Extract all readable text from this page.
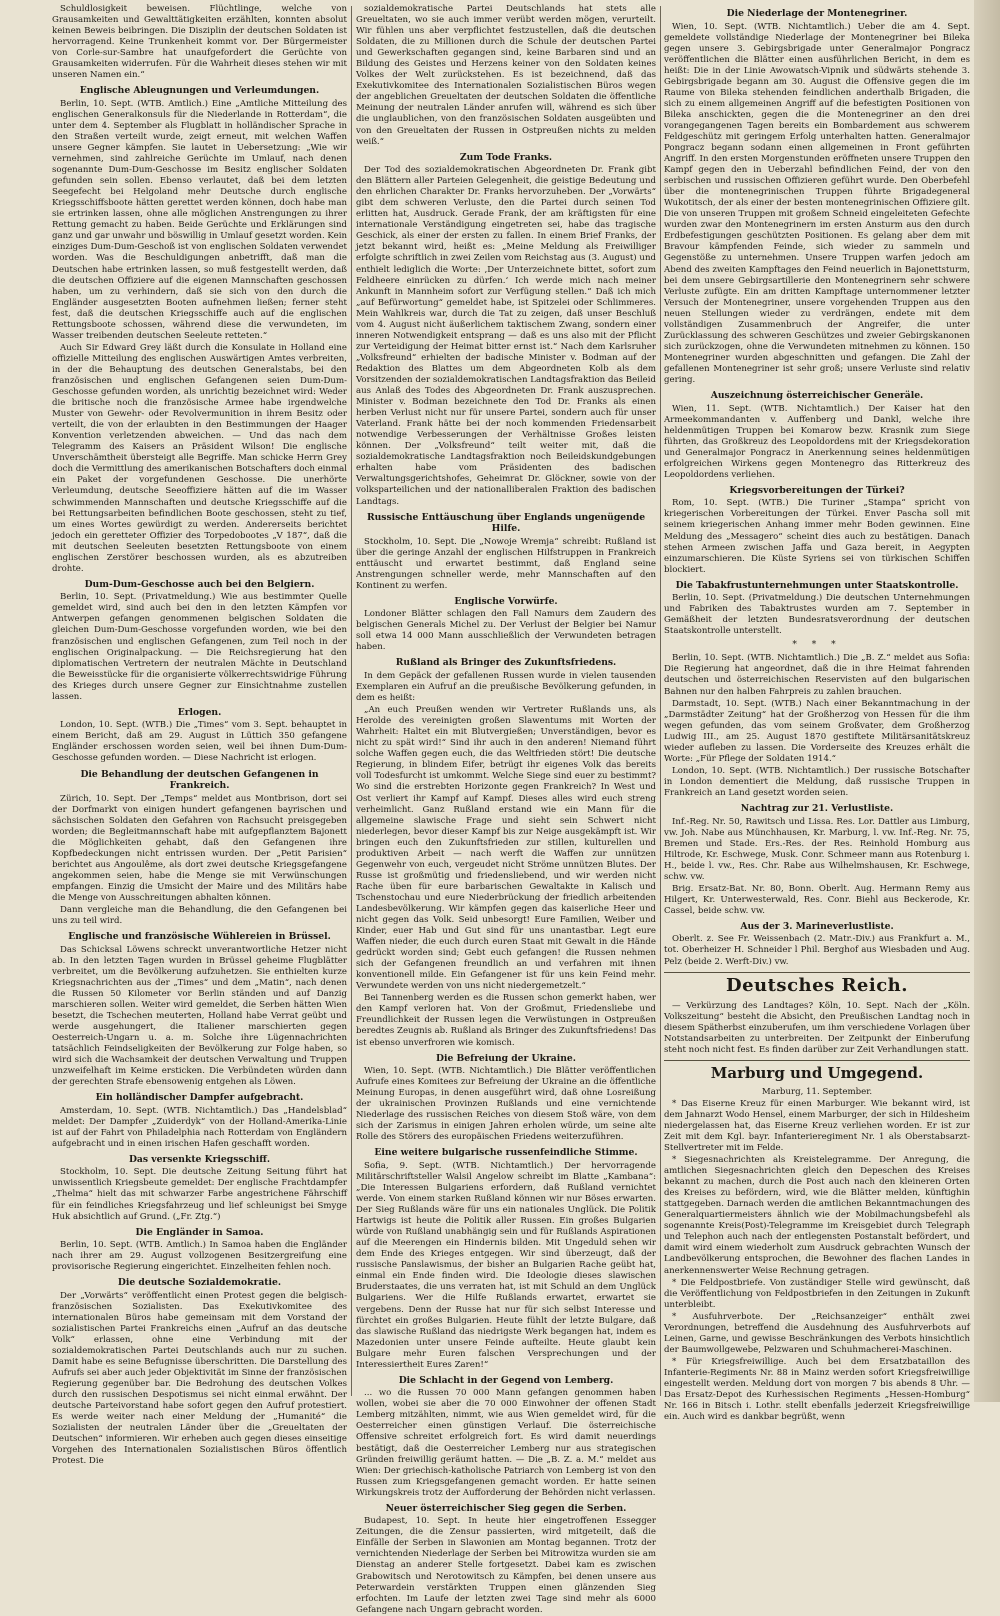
Schuldlosigkeit beweisen. Flüchtlinge, welche von Grausamkeiten und Gewalttätigkeiten erzählten, konnten absolut keinen Beweis beibringen. Die Disziplin der deutschen Soldaten ist hervorragend. Keine Trunkenheit kommt vor. Der Bürgermeister von Corle-sur-Sambre hat unaufgefordert die Gerüchte von Grausamkeiten widerrufen. Für die Wahrheit dieses stehen wir mit unseren Namen ein.“

Englische Ableugnungen und Verleumdungen.

Berlin, 10. Sept. (WTB. Amtlich.) Eine „Amtliche Mitteilung des englischen Generalkonsuls für die Niederlande in Rotterdam“, die unter dem 4. September als Flugblatt in holländischer Sprache in den Straßen verteilt wurde, zeigt erneut, mit welchen Waffen unsere Gegner kämpfen. Sie lautet in Uebersetzung: „Wie wir vernehmen, sind zahlreiche Gerüchte im Umlauf, nach denen sogenannte Dum-Dum-Geschosse im Besitz englischer Soldaten gefunden sein sollen. Ebenso verlautet, daß bei dem letzten Seegefecht bei Helgoland mehr Deutsche durch englische Kriegsschiffsboote hätten gerettet werden können, doch habe man sie ertrinken lassen, ohne alle möglichen Anstrengungen zu ihrer Rettung gemacht zu haben. Beide Gerüchte und Erklärungen sind ganz und gar unwahr und böswillig in Umlauf gesetzt worden. Kein einziges Dum-Dum-Geschoß ist von englischen Soldaten verwendet worden. Was die Beschuldigungen anbetrifft, daß man die Deutschen habe ertrinken lassen, so muß festgestellt werden, daß die deutschen Offiziere auf die eigenen Mannschaften geschossen haben, um zu verhindern, daß sie sich von den durch die Engländer ausgesetzten Booten aufnehmen ließen; ferner steht fest, daß die deutschen Kriegsschiffe auch auf die englischen Rettungsboote schossen, während diese die verwundeten, im Wasser treibenden deutschen Seeleute retteten.“

Auch Sir Edward Grey läßt durch die Konsulate in Holland eine offizielle Mitteilung des englischen Auswärtigen Amtes verbreiten, in der die Behauptung des deutschen Generalstabs, bei den französischen und englischen Gefangenen seien Dum-Dum-Geschosse gefunden worden, als unrichtig bezeichnet wird: Weder die britische noch die französische Armee habe irgendwelche Muster von Gewehr- oder Revolvermunition in ihrem Besitz oder verteilt, die von der erlaubten in den Bestimmungen der Haager Konvention verletzenden abweichen. — Und das nach dem Telegramm des Kaisers an Präsident Wilson! Die englische Unverschämtheit übersteigt alle Begriffe. Man schicke Herrn Grey doch die Vermittlung des amerikanischen Botschafters doch einmal ein Paket der vorgefundenen Geschosse. Die unerhörte Verleumdung, deutsche Seeoffiziere hätten auf die im Wasser schwimmenden Mannschaften und deutsche Kriegsschiffe auf die bei Rettungsarbeiten befindlichen Boote geschossen, steht zu tief, um eines Wortes gewürdigt zu werden. Andererseits berichtet jedoch ein geretteter Offizier des Torpedobootes „V 187“, daß die mit deutschen Seeleuten besetzten Rettungsboote von einem englischen Zerstörer beschossen wurden, als es abzutreiben drohte.

Dum-Dum-Geschosse auch bei den Belgiern.

Berlin, 10. Sept. (Privatmeldung.) Wie aus bestimmter Quelle gemeldet wird, sind auch bei den in den letzten Kämpfen vor Antwerpen gefangen genommenen belgischen Soldaten die gleichen Dum-Dum-Geschosse vorgefunden worden, wie bei den französischen und englischen Gefangenen, zum Teil noch in der englischen Originalpackung. — Die Reichsregierung hat den diplomatischen Vertretern der neutralen Mächte in Deutschland die Beweisstücke für die organisierte völkerrechtswidrige Führung des Krieges durch unsere Gegner zur Einsichtnahme zustellen lassen.

Erlogen.

London, 10. Sept. (WTB.) Die „Times“ vom 3. Sept. behauptet in einem Bericht, daß am 29. August in Lüttich 350 gefangene Engländer erschossen worden seien, weil bei ihnen Dum-Dum-Geschosse gefunden worden. — Diese Nachricht ist erlogen.

Die Behandlung der deutschen Gefangenen in Frankreich.

Zürich, 10. Sept. Der „Temps“ meldet aus Montbrison, dort sei der Dorfmarkt von einigen hundert gefangenen bayrischen und sächsischen Soldaten den Gefahren von Rachsucht preisgegeben worden; die Begleitmannschaft habe mit aufgepflanztem Bajonett die Möglichkeiten gehabt, daß den Gefangenen ihre Kopfbedeckungen nicht entrissen wurden. Der „Petit Parisien“ berichtet aus Angoulême, als dort zwei deutsche Kriegsgefangene angekommen seien, habe die Menge sie mit Verwünschungen empfangen. Einzig die Umsicht der Maire und des Militärs habe die Menge von Ausschreitungen abhalten können.

Dann vergleiche man die Behandlung, die den Gefangenen bei uns zu teil wird.

Englische und französische Wühlereien in Brüssel.

Das Schicksal Löwens schreckt unverantwortliche Hetzer nicht ab. In den letzten Tagen wurden in Brüssel geheime Flugblätter verbreitet, um die Bevölkerung aufzuhetzen. Sie enthielten kurze Kriegsnachrichten aus der „Times“ und dem „Matin“, nach denen die Russen 50 Kilometer vor Berlin ständen und auf Danzig marschieren sollen. Weiter wird gemeldet, die Serben hätten Wien besetzt, die Tschechen meuterten, Holland habe Verrat geübt und werde ausgehungert, die Italiener marschierten gegen Oesterreich-Ungarn u. a. m. Solche ihre Lügennachrichten tatsächlich Feindseligkeiten der Bevölkerung zur Folge haben, so wird sich die Wachsamkeit der deutschen Verwaltung und Truppen unzweifelhaft im Keime ersticken. Die Verbündeten würden dann der gerechten Strafe ebensowenig entgehen als Löwen.

Ein holländischer Dampfer aufgebracht.

Amsterdam, 10. Sept. (WTB. Nichtamtlich.) Das „Handelsblad“ meldet: Der Dampfer „Zuiderdyk“ von der Holland-Amerika-Linie ist auf der Fahrt von Philadelphia nach Rotterdam von Engländern aufgebracht und in einen irischen Hafen geschafft worden.

Das versenkte Kriegsschiff.

Stockholm, 10. Sept. Die deutsche Zeitung Seitung führt hat unwissentlich Kriegsbeute gemeldet: Der englische Frachtdampfer „Thelma“ hielt das mit schwarzer Farbe angestrichene Fährschiff für ein feindliches Kriegsfahrzeug und lief schleunigst bei Smyge Huk absichtlich auf Grund. („Fr. Ztg.“)

Die Engländer in Samoa.

Berlin, 10. Sept. (WTB. Amtlich.) In Samoa haben die Engländer nach ihrer am 29. August vollzogenen Besitzergreifung eine provisorische Regierung eingerichtet. Einzelheiten fehlen noch.

Die deutsche Sozialdemokratie.

Der „Vorwärts“ veröffentlicht einen Protest gegen die belgisch-französischen Sozialisten. Das Exekutivkomitee des internationalen Büros habe gemeinsam mit dem Vorstand der sozialistischen Partei Frankreichs einen „Aufruf an das deutsche Volk“ erlassen, ohne eine Verbindung mit der sozialdemokratischen Partei Deutschlands auch nur zu suchen. Damit habe es seine Befugnisse überschritten. Die Darstellung des Aufrufs sei aber auch jeder Objektivität im Sinne der französischen Regierung gegenüber bar. Die Bedrohung des deutschen Volkes durch den russischen Despotismus sei nicht einmal erwähnt. Der deutsche Parteivorstand habe sofort gegen den Aufruf protestiert. Es werde weiter nach einer Meldung der „Humanité“ die Sozialisten der neutralen Länder über die „Greueltaten der Deutschen“ informieren. Wir erheben auch gegen dieses einseitige Vorgehen des Internationalen Sozialistischen Büros öffentlich Protest. Die

sozialdemokratische Partei Deutschlands hat stets alle Greueltaten, wo sie auch immer verübt werden mögen, verurteilt. Wir fühlen uns aber verpflichtet festzustellen, daß die deutschen Soldaten, die zu Millionen durch die Schule der deutschen Partei und Gewerkschaften gegangen sind, keine Barbaren sind und an Bildung des Geistes und Herzens keiner von den Soldaten keines Volkes der Welt zurückstehen. Es ist bezeichnend, daß das Exekutivkomitee des Internationalen Sozialistischen Büros wegen der angeblichen Greueltaten der deutschen Soldaten die öffentliche Meinung der neutralen Länder anrufen will, während es sich über die unglaublichen, von den französischen Soldaten ausgeübten und von den Greueltaten der Russen in Ostpreußen nichts zu melden weiß.“

Zum Tode Franks.

Der Tod des sozialdemokratischen Abgeordneten Dr. Frank gibt den Blättern aller Parteien Gelegenheit, die geistige Bedeutung und den ehrlichen Charakter Dr. Franks hervorzuheben. Der „Vorwärts“ gibt dem schweren Verluste, den die Partei durch seinen Tod erlitten hat, Ausdruck. Gerade Frank, der am kräftigsten für eine internationale Verständigung eingetreten sei, habe das tragische Geschick, als einer der ersten zu fallen. In einem Brief Franks, der jetzt bekannt wird, heißt es: „Meine Meldung als Freiwilliger erfolgte schriftlich in zwei Zeilen vom Reichstag aus (3. August) und enthielt lediglich die Worte: ‚Der Unterzeichnete bittet, sofort zum Feldheere einrücken zu dürfen.‘ Ich werde mich nach meiner Ankunft in Mannheim sofort zur Verfügung stellen.“ Daß ich mich „auf Befürwortung“ gemeldet habe, ist Spitzelei oder Schlimmeres. Mein Wahlkreis war, durch die Tat zu zeigen, daß unser Beschluß vom 4. August nicht äußerlichem taktischem Zwang, sondern einer inneren Notwendigkeit entsprang — daß es uns also mit der Pflicht zur Verteidigung der Heimat bitter ernst ist.“ Nach dem Karlsruher „Volksfreund“ erhielten der badische Minister v. Bodman auf der Redaktion des Blattes um dem Abgeordneten Kolb als dem Vorsitzenden der sozialdemokratischen Landtagsfraktion das Beileid aus Anlaß des Todes des Abgeordneten Dr. Frank auszusprechen. Minister v. Bodman bezeichnete den Tod Dr. Franks als einen herben Verlust nicht nur für unsere Partei, sondern auch für unser Vaterland. Frank hätte bei der noch kommenden Friedensarbeit notwendige Verbesserungen der Verhältnisse Großes leisten können. Der „Volksfreund“ teilt weiter mit, daß die sozialdemokratische Landtagsfraktion noch Beileidskundgebungen erhalten habe vom Präsidenten des badischen Verwaltungsgerichtshofes, Geheimrat Dr. Glöckner, sowie von der volksparteilichen und der nationalliberalen Fraktion des badischen Landtags.

Russische Enttäuschung über Englands ungenügende Hilfe.

Stockholm, 10. Sept. Die „Nowoje Wremja“ schreibt: Rußland ist über die geringe Anzahl der englischen Hilfstruppen in Frankreich enttäuscht und erwartet bestimmt, daß England seine Anstrengungen schneller werde, mehr Mannschaften auf den Kontinent zu werfen.

Englische Vorwürfe.

Londoner Blätter schlagen den Fall Namurs dem Zaudern des belgischen Generals Michel zu. Der Verlust der Belgier bei Namur soll etwa 14 000 Mann ausschließlich der Verwundeten betragen haben.

Rußland als Bringer des Zukunftsfriedens.

In dem Gepäck der gefallenen Russen wurde in vielen tausenden Exemplaren ein Aufruf an die preußische Bevölkerung gefunden, in dem es heißt:

„An euch Preußen wenden wir Vertreter Rußlands uns, als Herolde des vereinigten großen Slawentums mit Worten der Wahrheit: Haltet ein mit Blutvergießen; Unverständigen, bevor es nicht zu spät wird!“ Sind ihr auch in den anderen! Niemand führt solche Waffen gegen euch, die das Weltfrieden stört! Die deutsche Regierung, in blindem Eifer, betrügt ihr eigenes Volk das bereits voll Todesfurcht ist umkommt. Welche Siege sind euer zu bestimmt? Wo sind die erstrebten Horizonte gegen Frankreich? In West und Ost verliert ihr Kampf auf Kampf. Dieses alles wird euch streng verheimlicht. Ganz Rußland erstand wie ein Mann für die allgemeine slawische Frage und sieht sein Schwert nicht niederlegen, bevor dieser Kampf bis zur Neige ausgekämpft ist. Wir bringen euch den Zukunftsfrieden zur stillen, kulturellen und produktiven Arbeit — nach werft die Waffen zur unnützen Gegenwehr von euch, vergeudet nicht Ströme unnützen Blutes. Der Russe ist großmütig und friedensliebend, und wir werden nicht Rache üben für eure barbarischen Gewaltakte in Kalisch und Tschenstochau und eure Niederbrückung der friedlich arbeitenden Landesbevölkerung. Wir kämpfen gegen das kaiserliche Heer und nicht gegen das Volk. Seid unbesorgt! Eure Familien, Weiber und Kinder, euer Hab und Gut sind für uns unantastbar. Legt eure Waffen nieder, die euch durch euren Staat mit Gewalt in die Hände gedrückt worden sind; Gebt euch gefangen! die Russen nehmen sich der Gefangenen freundlich an und verfahren mit ihnen konventionell milde. Ein Gefangener ist für uns kein Feind mehr. Verwundete werden von uns nicht niedergemetzelt.“

Bei Tannenberg werden es die Russen schon gemerkt haben, wer den Kampf verloren hat. Von der Großmut, Friedensliebe und Freundlichkeit der Russen legen die Verwüstungen in Ostpreußen beredtes Zeugnis ab. Rußland als Bringer des Zukunftsfriedens! Das ist ebenso unverfroren wie komisch.

Die Befreiung der Ukraine.

Wien, 10. Sept. (WTB. Nichtamtlich.) Die Blätter veröffentlichen Aufrufe eines Komitees zur Befreiung der Ukraine an die öffentliche Meinung Europas, in denen ausgeführt wird, daß ohne Losreißung der ukrainischen Provinzen Rußlands und eine vernichtende Niederlage des russischen Reiches von diesem Stoß wäre, von dem sich der Zarismus in einigen Jahren erholen würde, um seine alte Rolle des Störers des europäischen Friedens weiterzuführen.

Eine weitere bulgarische russenfeindliche Stimme.

Sofia, 9. Sept. (WTB. Nichtamtlich.) Der hervorragende Militärschriftsteller Walsil Angelow schreibt im Blatte „Kambana“: „Die Interessen Bulgariens erfordern, daß Rußland vernichtet werde. Von einem starken Rußland können wir nur Böses erwarten. Der Sieg Rußlands wäre für uns ein nationales Unglück. Die Politik Hartwigs ist heute die Politik aller Russen. Ein großes Bulgarien würde von Rußland unabhängig sein und für Rußlands Aspirationen auf die Meerengen ein Hindernis bilden. Mit Ungeduld sehen wir dem Ende des Krieges entgegen. Wir sind überzeugt, daß der russische Panslawismus, der bisher an Bulgarien Rache geübt hat, einmal ein Ende finden wird. Die Ideologie dieses slawischen Bruderstaates, die uns verraten hat, ist mit Schuld an dem Unglück Bulgariens. Wer die Hilfe Rußlands erwartet, erwartet sie vergebens. Denn der Russe hat nur für sich selbst Interesse und fürchtet ein großes Bulgarien. Heute fühlt der letzte Bulgare, daß das slawische Rußland das niedrigste Werk begangen hat, indem es Mazedonien unter unsere Feinde aufteilte. Heute glaubt kein Bulgare mehr Euren falschen Versprechungen und der Interessiertheit Eures Zaren!“

Die Schlacht in der Gegend von Lemberg.

... wo die Russen 70 000 Mann gefangen genommen haben wollen, wobei sie aber die 70 000 Einwohner der offenen Stadt Lemberg mitzählten, nimmt, wie aus Wien gemeldet wird, für die Oesterreicher einen günstigen Verlauf. Die österreichische Offensive schreitet erfolgreich fort. Es wird damit neuerdings bestätigt, daß die Oesterreicher Lemberg nur aus strategischen Gründen freiwillig geräumt hatten. — Die „B. Z. a. M.“ meldet aus Wien: Der griechisch-katholische Patriarch von Lemberg ist von den Russen zum Kriegsgefangenen gemacht worden. Er hatte seinen Wirkungskreis trotz der Aufforderung der Behörden nicht verlassen.

Neuer österreichischer Sieg gegen die Serben.

Budapest, 10. Sept. In heute hier eingetroffenen Essegger Zeitungen, die die Zensur passierten, wird mitgeteilt, daß die Einfälle der Serben in Slawonien am Montag begannen. Trotz der vernichtenden Niederlage der Serben bei Mitrowitza wurden sie am Dienstag an anderer Stelle fortgesetzt. Dabei kam es zwischen Grabowitsch und Nerotowitsch zu Kämpfen, bei denen unsere aus Peterwardein verstärkten Truppen einen glänzenden Sieg erfochten. Im Laufe der letzten zwei Tage sind mehr als 6000 Gefangene nach Ungarn gebracht worden.

Die Niederlage der Montenegriner.

Wien, 10. Sept. (WTB. Nichtamtlich.) Ueber die am 4. Sept. gemeldete vollständige Niederlage der Montenegriner bei Bileka gegen unsere 3. Gebirgsbrigade unter Generalmajor Pongracz veröffentlichen die Blätter einen ausführlichen Bericht, in dem es heißt: Die in der Linie Awowatsch-Vipnik und südwärts stehende 3. Gebirgsbrigade begann am 30. August die Offensive gegen die im Raume von Bileka stehenden feindlichen anderthalb Brigaden, die sich zu einem allgemeinen Angriff auf die befestigten Positionen von Bileka anschickten, gegen die die Montenegriner an den drei vorangegangenen Tagen bereits ein Bombardement aus schwerem Feldgeschütz mit geringem Erfolg unterhalten hatten. Generalmajor Pongracz begann sodann einen allgemeinen in Front geführten Angriff. In den ersten Morgenstunden eröffneten unsere Truppen den Kampf gegen den in Ueberzahl befindlichen Feind, der von den serbischen und russischen Offizieren geführt wurde. Den Oberbefehl über die montenegrinischen Truppen führte Brigadegeneral Wukotitsch, der als einer der besten montenegrinischen Offiziere gilt. Die von unseren Truppen mit großem Schneid eingeleiteten Gefechte wurden zwar den Montenegrinern im ersten Ansturm aus den durch Erdbefestigungen geschützten Positionen. Es gelang aber dem mit Bravour kämpfenden Feinde, sich wieder zu sammeln und Gegenstöße zu unternehmen. Unsere Truppen warfen jedoch am Abend des zweiten Kampftages den Feind neuerlich in Bajonettsturm, bei dem unsere Gebirgsartillerie den Montenegrinern sehr schwere Verluste zufügte. Ein am dritten Kampftage unternommener letzter Versuch der Montenegriner, unsere vorgehenden Truppen aus den neuen Stellungen wieder zu verdrängen, endete mit dem vollständigen Zusammenbruch der Angreifer, die unter Zurücklassung des schweren Geschützes und zweier Gebirgskanonen sich zurückzogen, ohne die Verwundeten mitnehmen zu können. 150 Montenegriner wurden abgeschnitten und gefangen. Die Zahl der gefallenen Montenegriner ist sehr groß; unsere Verluste sind relativ gering.

Auszeichnung österreichischer Generäle.

Wien, 11. Sept. (WTB. Nichtamtlich.) Der Kaiser hat den Armeekommandanten v. Auffenberg und Dankl, welche ihre heldenmütigen Truppen bei Komarow bezw. Krasnik zum Siege führten, das Großkreuz des Leopoldordens mit der Kriegsdekoration und Generalmajor Pongracz in Anerkennung seines heldenmütigen erfolgreichen Wirkens gegen Montenegro das Ritterkreuz des Leopoldordens verliehen.

Kriegsvorbereitungen der Türkei?

Rom, 10. Sept. (WTB.) Die Turiner „Stampa“ spricht von kriegerischen Vorbereitungen der Türkei. Enver Pascha soll mit seinem kriegerischen Anhang immer mehr Boden gewinnen. Eine Meldung des „Messagero“ scheint dies auch zu bestätigen. Danach stehen Armeen zwischen Jaffa und Gaza bereit, in Aegypten einzumarschieren. Die Küste Syriens sei von türkischen Schiffen blockiert.

Die Tabakfrustunternehmungen unter Staatskontrolle.

Berlin, 10. Sept. (Privatmeldung.) Die deutschen Unternehmungen und Fabriken des Tabaktrustes wurden am 7. September in Gemäßheit der letzten Bundesratsverordnung der deutschen Staatskontrolle unterstellt.

* * *

Berlin, 10. Sept. (WTB. Nichtamtlich.) Die „B. Z.“ meldet aus Sofia: Die Regierung hat angeordnet, daß die in ihre Heimat fahrenden deutschen und österreichischen Reservisten auf den bulgarischen Bahnen nur den halben Fahrpreis zu zahlen brauchen.

Darmstadt, 10. Sept. (WTB.) Nach einer Bekanntmachung in der „Darmstädter Zeitung“ hat der Großherzog von Hessen für die ihm wegen gefunden, das vom seinem Großvater, dem Großherzog Ludwig III., am 25. August 1870 gestiftete Militärsanitätskreuz wieder aufleben zu lassen. Die Vorderseite des Kreuzes erhält die Worte: „Für Pflege der Soldaten 1914.“

London, 10. Sept. (WTB. Nichtamtlich.) Der russische Botschafter in London dementiert die Meldung, daß russische Truppen in Frankreich an Land gesetzt worden seien.

Nachtrag zur 21. Verlustliste.

Inf.-Reg. Nr. 50, Rawitsch und Lissa. Res. Lor. Dattler aus Limburg, vw. Joh. Nabe aus Münchhausen, Kr. Marburg, l. vw. Inf.-Reg. Nr. 75, Bremen und Stade. Ers.-Res. der Res. Reinhold Homburg aus Hiltrode, Kr. Eschwege, Musk. Conr. Schmeer mann aus Rotenburg i. H., beide l. vw., Res. Chr. Rabe aus Wilhelmshausen, Kr. Eschwege, schw. vw.

Brig. Ersatz-Bat. Nr. 80, Bonn. Oberlt. Aug. Hermann Remy aus Hilgert, Kr. Unterwesterwald, Res. Conr. Biehl aus Beckerode, Kr. Cassel, beide schw. vw.

Aus der 3. Marineverlustliste.

Oberlt. z. See Fr. Weissenbach (2. Matr.-Div.) aus Frankfurt a. M., tot. Oberheizer H. Schneider l Phil. Berghof aus Wiesbaden und Aug. Pelz (beide 2. Werft-Div.) vw.

Deutsches Reich.

— Verkürzung des Landtages? Köln, 10. Sept. Nach der „Köln. Volkszeitung“ besteht die Absicht, den Preußischen Landtag noch in diesem Spätherbst einzuberufen, um ihm verschiedene Vorlagen über Notstandsarbeiten zu unterbreiten. Der Zeitpunkt der Einberufung steht noch nicht fest. Es finden darüber zur Zeit Verhandlungen statt.

Marburg und Umgegend.
Marburg, 11. September.

* Das Eiserne Kreuz für einen Marburger. Wie bekannt wird, ist dem Jahnarzt Wodo Hensel, einem Marburger, der sich in Hildesheim niedergelassen hat, das Eiserne Kreuz verliehen worden. Er ist zur Zeit mit dem Kgl. bayr. Infanterieregiment Nr. 1 als Oberstabsarzt-Stellvertreter mit im Felde.

* Siegesnachrichten als Kreistelegramme. Der Anregung, die amtlichen Siegesnachrichten gleich den Depeschen des Kreises bekannt zu machen, durch die Post auch nach den kleineren Orten des Kreises zu befördern, wird, wie die Blätter melden, künftighin stattgegeben. Darnach werden die amtlichen Bekanntmachungen des Generalquartiermeisters ähnlich wie der Mobilmachungsbefehl als sogenannte Kreis(Post)-Telegramme im Kreisgebiet durch Telegraph und Telephon auch nach der entlegensten Postanstalt befördert, und damit wird einem wiederholt zum Ausdruck gebrachten Wunsch der Landbevölkerung entsprochen, die Bewohner des flachen Landes in anerkennenswerter Weise Rechnung getragen.

* Die Feldpostbriefe. Von zuständiger Stelle wird gewünscht, daß die Veröffentlichung von Feldpostbriefen in den Zeitungen in Zukunft unterbleibt.

* Ausfuhrverbote. Der „Reichsanzeiger“ enthält zwei Verordnungen, betreffend die Ausdehnung des Ausfuhrverbots auf Leinen, Garne, und gewisse Beschränkungen des Verbots hinsichtlich der Baumwollgewebe, Pelzwaren und Schuhmacherei-Maschinen.

* Für Kriegsfreiwillige. Auch bei dem Ersatzbataillon des Infanterie-Regiments Nr. 88 in Mainz werden sofort Kriegsfreiwillige eingestellt werden. Meldung dort von morgen 7 bis abends 8 Uhr. — Das Ersatz-Depot des Kurhessischen Regiments „Hessen-Homburg“ Nr. 166 in Bitsch i. Lothr. stellt ebenfalls jederzeit Kriegsfreiwillige ein. Auch wird es dankbar begrüßt, wenn
